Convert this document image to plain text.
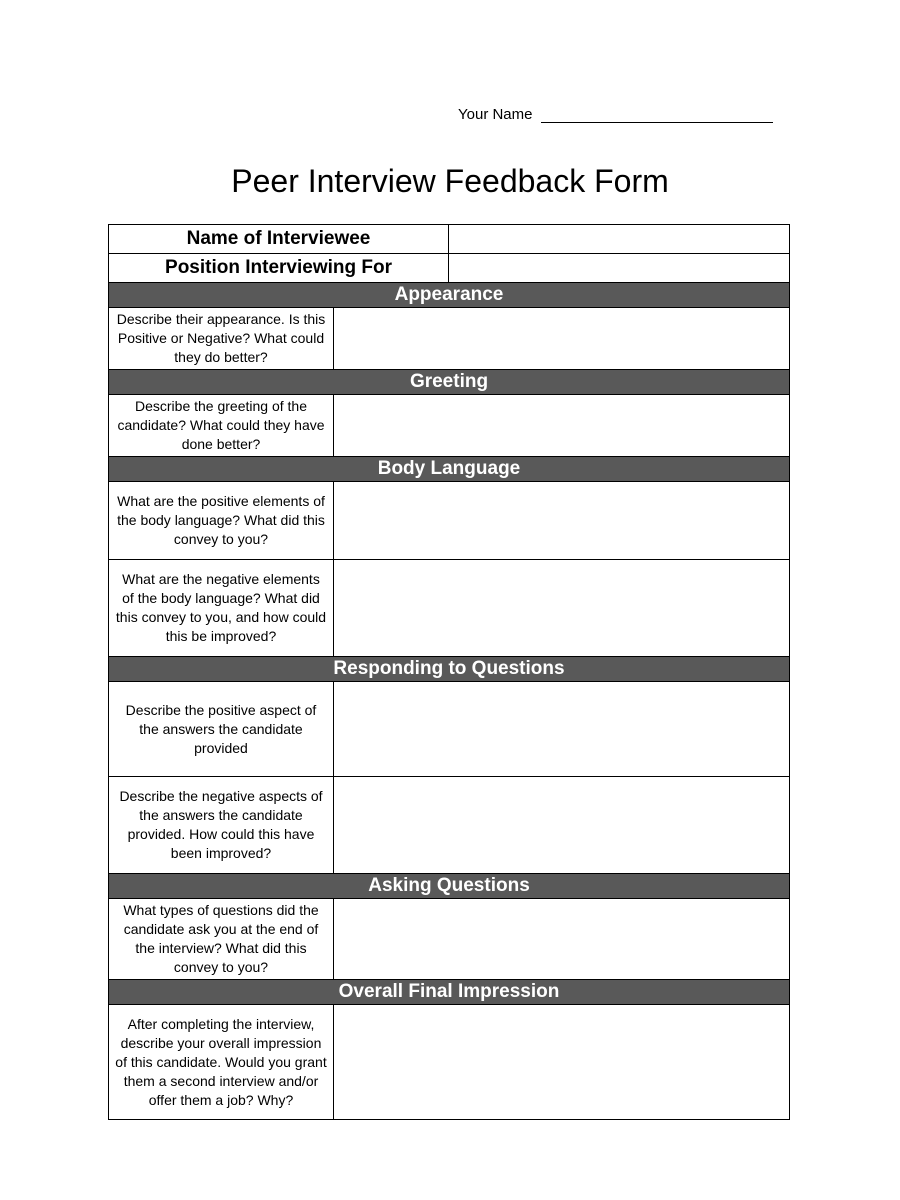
Your Name
Peer Interview Feedback Form
Name of Interviewee		
Position Interviewing For		
Appearance		
Describe their appearance. Is this Positive or Negative? What could they do better?		
Greeting		
Describe the greeting of the candidate? What could they have done better?		
Body Language		
What are the positive elements of the body language? What did this convey to you?		
What are the negative elements of the body language? What did this convey to you, and how could this be improved?		
Responding to Questions		
Describe the positive aspect of the answers the candidate provided		
Describe the negative aspects of the answers the candidate provided. How could this have been improved?		
Asking Questions		
What types of questions did the candidate ask you at the end of the interview? What did this convey to you?		
Overall Final Impression		
After completing the interview, describe your overall impression of this candidate. Would you grant them a second interview and/or offer them a job? Why?		
